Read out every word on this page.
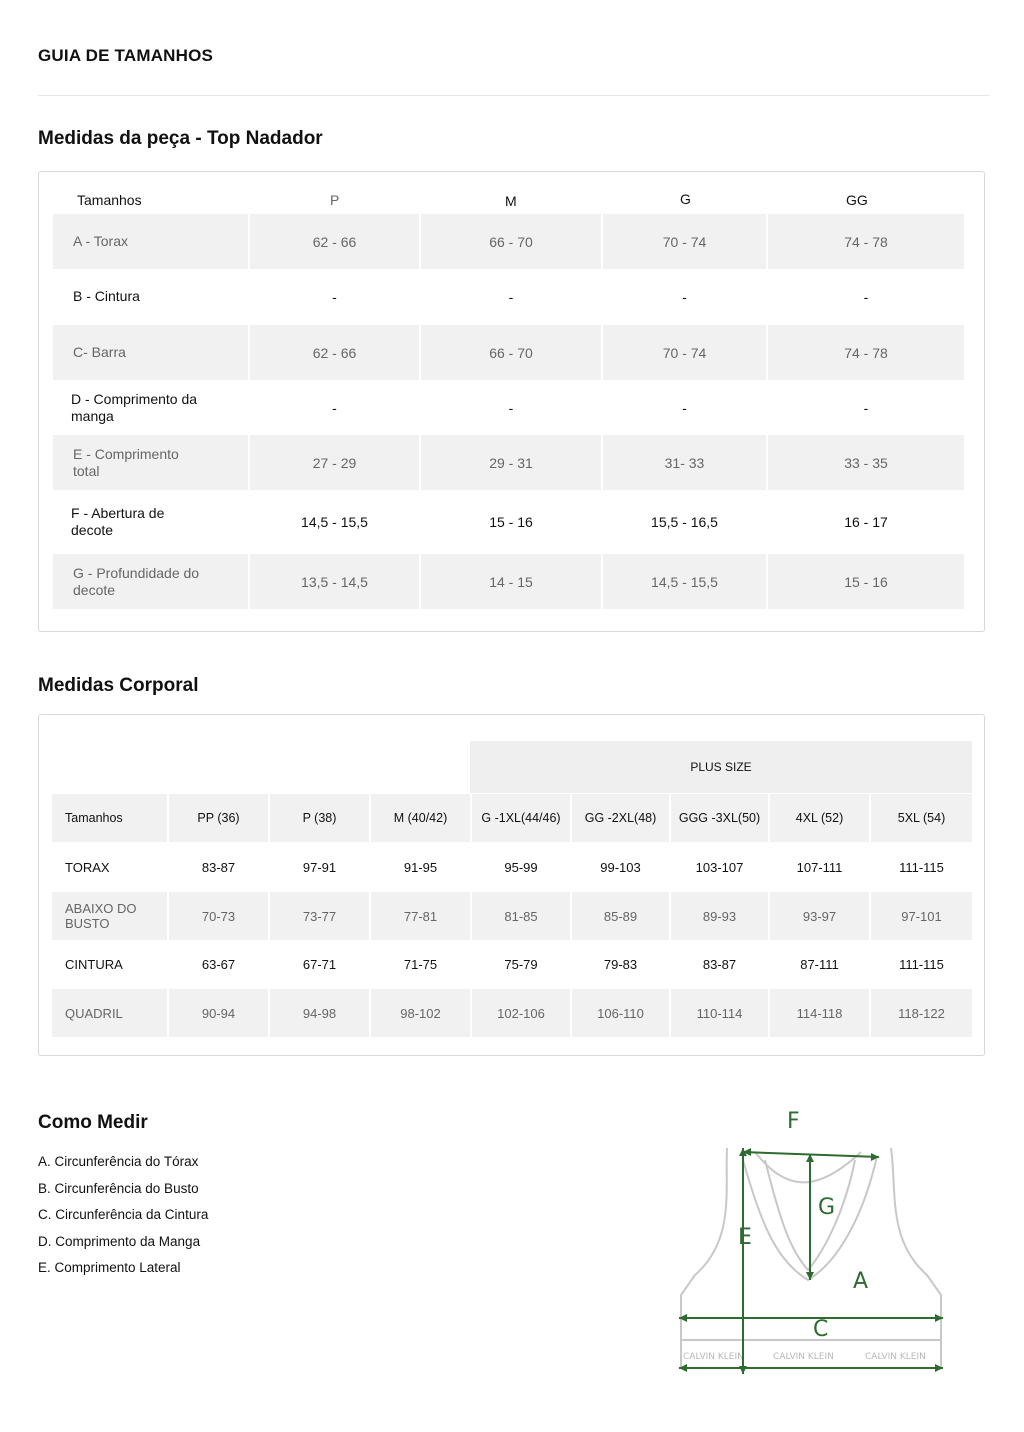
GUIA DE TAMANHOS
Medidas da peça - Top Nadador
Tamanhos	P	M	G	GG
A - Torax	62 - 66	66 - 70	70 - 74	74 - 78
B - Cintura	-	-	-	-
C- Barra	62 - 66	66 - 70	70 - 74	74 - 78
D - Comprimento da manga	-	-	-	-
E - Comprimento total	27 - 29	29 - 31	31- 33	33 - 35
F - Abertura de decote	14,5 - 15,5	15 - 16	15,5 - 16,5	16 - 17
G - Profundidade do decote	13,5 - 14,5	14 - 15	14,5 - 15,5	15 - 16
Medidas Corporal
PLUS SIZE
Tamanhos	PP (36)	P (38)	M (40/42)	G -1XL(44/46)	GG -2XL(48)	GGG -3XL(50)	4XL (52)	5XL (54)
TORAX	83-87	97-91	91-95	95-99	99-103	103-107	107-111	111-115
ABAIXO DO BUSTO	70-73	73-77	77-81	81-85	85-89	89-93	93-97	97-101
CINTURA	63-67	67-71	71-75	75-79	79-83	83-87	87-111	111-115
QUADRIL	90-94	94-98	98-102	102-106	106-110	110-114	114-118	118-122
Como Medir
A. Circunferência do Tórax
B. Circunferência do Busto
C. Circunferência da Cintura
D. Comprimento da Manga
E. Comprimento Lateral
CALVIN KLEIN	CALVIN KLEIN	CALVIN KLEIN
F
G
E
A
C
